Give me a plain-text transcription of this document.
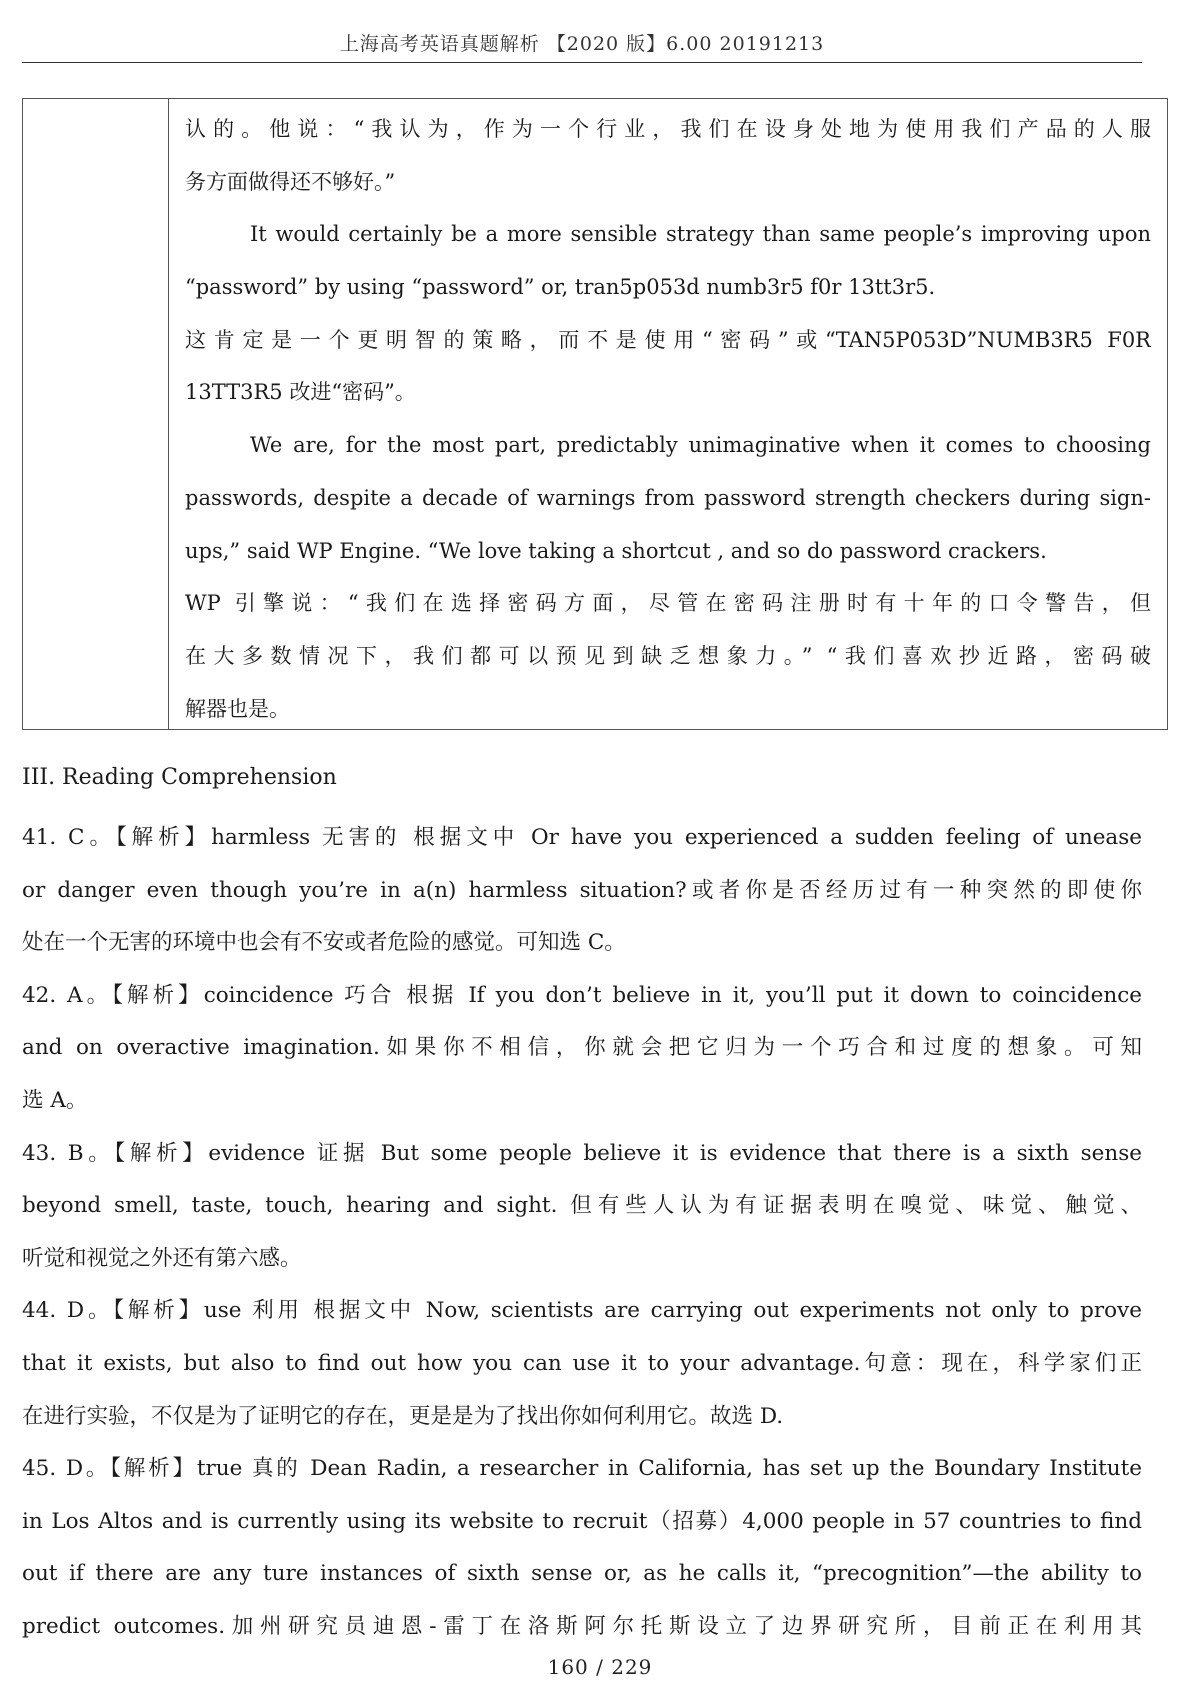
上海高考英语真题解析 【2020 版】6.00 20191213
认的。他说：“我认为，作为一个行业，我们在设身处地为使用我们产品的人服
务方面做得还不够好。”
It would certainly be a more sensible strategy than same people’s improving upon
“password” by using “password” or, tran5p053d numb3r5 f0r 13tt3r5.
这肯定是一个更明智的策略，而不是使用“密码”或“TAN5P053D”NUMB3R5 F0R
13TT3R5 改进“密码”。
We are, for the most part, predictably unimaginative when it comes to choosing
passwords, despite a decade of warnings from password strength checkers during sign-
ups,” said WP Engine. “We love taking a shortcut , and so do password crackers.
WP 引擎说：“我们在选择密码方面，尽管在密码注册时有十年的口令警告，但
在大多数情况下，我们都可以预见到缺乏想象力。” “我们喜欢抄近路，密码破
解器也是。
III. Reading Comprehension
41. C。【解析】harmless 无害的 根据文中 Or have you experienced a sudden feeling of unease
or danger even though you’re in a(n) harmless situation?或者你是否经历过有一种突然的即使你
处在一个无害的环境中也会有不安或者危险的感觉。可知选 C。
42. A。【解析】coincidence 巧合 根据 If you don’t believe in it, you’ll put it down to coincidence
and on overactive imagination.如果你不相信，你就会把它归为一个巧合和过度的想象。可知
选 A。
43. B。【解析】evidence 证据 But some people believe it is evidence that there is a sixth sense
beyond smell, taste, touch, hearing and sight. 但有些人认为有证据表明在嗅觉、味觉、触觉、
听觉和视觉之外还有第六感。
44. D。【解析】use 利用 根据文中 Now, scientists are carrying out experiments not only to prove
that it exists, but also to find out how you can use it to your advantage.句意：现在，科学家们正
在进行实验，不仅是为了证明它的存在，更是是为了找出你如何利用它。故选 D.
45. D。【解析】true 真的 Dean Radin, a researcher in California, has set up the Boundary Institute
in Los Altos and is currently using its website to recruit（招募）4,000 people in 57 countries to find
out if there are any ture instances of sixth sense or, as he calls it, “precognition”—the ability to
predict outcomes.加州研究员迪恩-雷丁在洛斯阿尔托斯设立了边界研究所，目前正在利用其
160 / 229
